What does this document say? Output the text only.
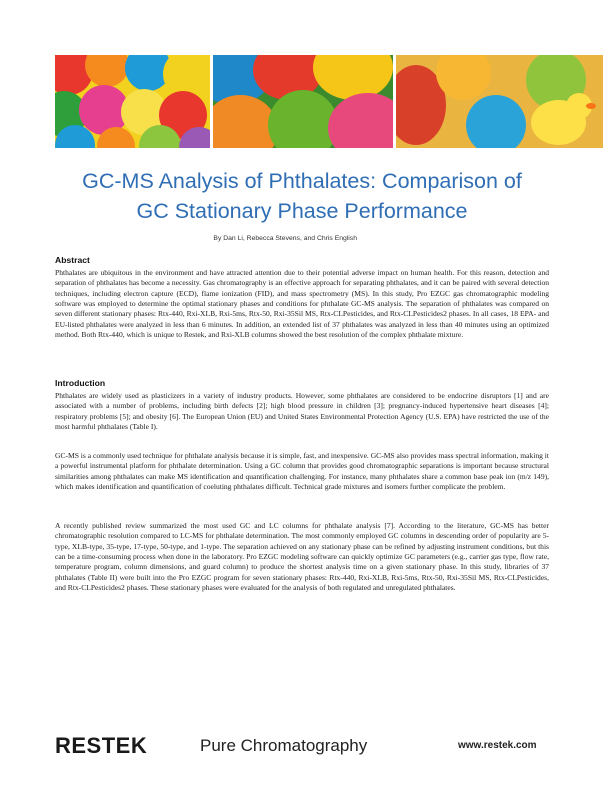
GC-MS Analysis of Phthalates: Comparison of
GC Stationary Phase Performance
By Dan Li, Rebecca Stevens, and Chris English
Abstract

Phthalates are ubiquitous in the environment and have attracted attention due to their potential adverse impact on human health. For this reason, detection and separation of phthalates has become a necessity. Gas chromatography is an effective approach for separating phthalates, and it can be paired with several detection techniques, including electron capture (ECD), flame ionization (FID), and mass spectrometry (MS). In this study, Pro EZGC gas chromatographic modeling software was employed to determine the optimal stationary phases and conditions for phthalate GC-MS analysis. The separation of phthalates was compared on seven different stationary phases: Rtx-440, Rxi-XLB, Rxi-5ms, Rtx-50, Rxi-35Sil MS, Rtx-CLPesticides, and Rtx-CLPesticides2 phases. In all cases, 18 EPA- and EU-listed phthalates were analyzed in less than 6 minutes. In addition, an extended list of 37 phthalates was analyzed in less than 40 minutes using an optimized method. Both Rtx-440, which is unique to Restek, and Rxi-XLB columns showed the best resolution of the complex phthalate mixture.

Introduction

Phthalates are widely used as plasticizers in a variety of industry products. However, some phthalates are considered to be endocrine disruptors [1] and are associated with a number of problems, including birth defects [2]; high blood pressure in children [3]; pregnancy-induced hypertensive heart diseases [4]; respiratory problems [5]; and obesity [6]. The European Union (EU) and United States Environmental Protection Agency (U.S. EPA) have restricted the use of the most harmful phthalates (Table I).

GC-MS is a commonly used technique for phthalate analysis because it is simple, fast, and inexpensive. GC-MS also provides mass spectral information, making it a powerful instrumental platform for phthalate determination. Using a GC column that provides good chromatographic separations is important because structural similarities among phthalates can make MS identification and quantification challenging. For instance, many phthalates share a common base peak ion (m/z 149), which makes identification and quantification of coeluting phthalates difficult. Technical grade mixtures and isomers further complicate the problem.

A recently published review summarized the most used GC and LC columns for phthalate analysis [7]. According to the literature, GC-MS has better chromatographic resolution compared to LC-MS for phthalate determination. The most commonly employed GC columns in descending order of popularity are 5-type, XLB-type, 35-type, 17-type, 50-type, and 1-type. The separation achieved on any stationary phase can be refined by adjusting instrument conditions, but this can be a time-consuming process when done in the laboratory. Pro EZGC modeling software can quickly optimize GC parameters (e.g., carrier gas type, flow rate, temperature program, column dimensions, and guard column) to produce the shortest analysis time on a given stationary phase. In this study, libraries of 37 phthalates (Table II) were built into the Pro EZGC program for seven stationary phases: Rtx-440, Rxi-XLB, Rxi-5ms, Rtx-50, Rxi-35Sil MS, Rtx-CLPesticides, and Rtx-CLPesticides2 phases. These stationary phases were evaluated for the analysis of both regulated and unregulated phthalates.

RESTEK	Pure Chromatography	www.restek.com
